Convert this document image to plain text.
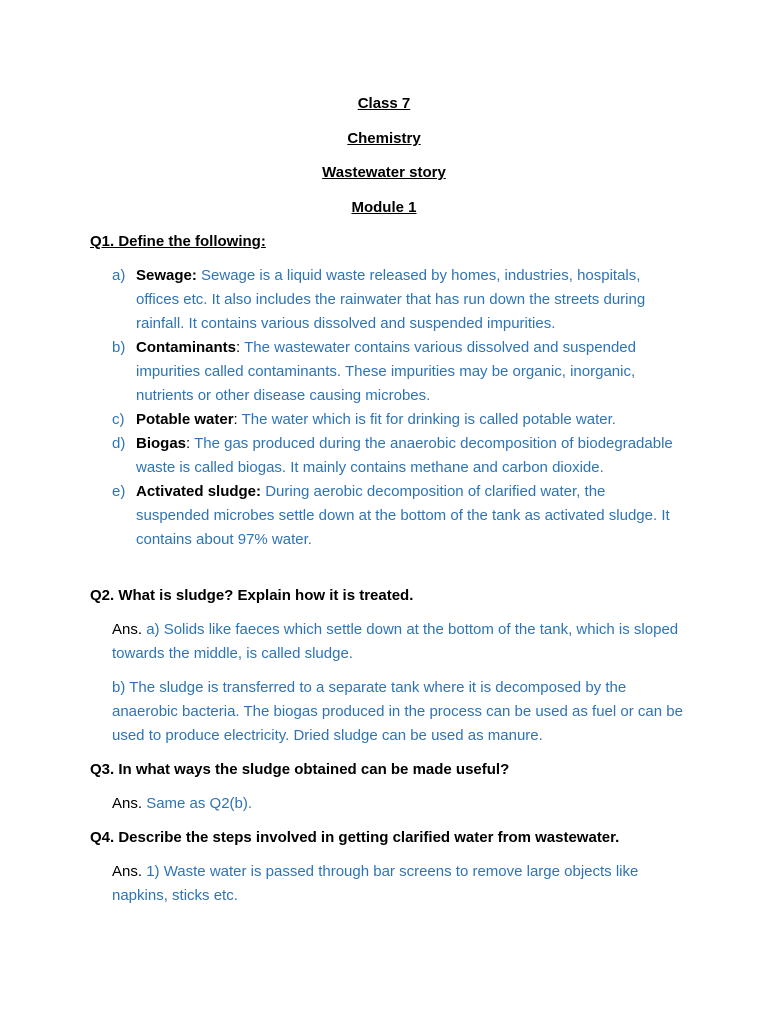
Class 7
Chemistry
Wastewater story
Module 1
Q1. Define the following:
a) Sewage: Sewage is a liquid waste released by homes, industries, hospitals, offices etc. It also includes the rainwater that has run down the streets during rainfall. It contains various dissolved and suspended impurities.
b) Contaminants: The wastewater contains various dissolved and suspended impurities called contaminants. These impurities may be organic, inorganic, nutrients or other disease causing microbes.
c) Potable water: The water which is fit for drinking is called potable water.
d) Biogas: The gas produced during the anaerobic decomposition of biodegradable waste is called biogas. It mainly contains methane and carbon dioxide.
e) Activated sludge: During aerobic decomposition of clarified water, the suspended microbes settle down at the bottom of the tank as activated sludge. It contains about 97% water.
Q2. What is sludge? Explain how it is treated.
Ans. a) Solids like faeces which settle down at the bottom of the tank, which is sloped towards the middle, is called sludge.
b) The sludge is transferred to a separate tank where it is decomposed by the anaerobic bacteria. The biogas produced in the process can be used as fuel or can be used to produce electricity. Dried sludge can be used as manure.
Q3. In what ways the sludge obtained can be made useful?
Ans. Same as Q2(b).
Q4. Describe the steps involved in getting clarified water from wastewater.
Ans. 1) Waste water is passed through bar screens to remove large objects like napkins, sticks etc.
